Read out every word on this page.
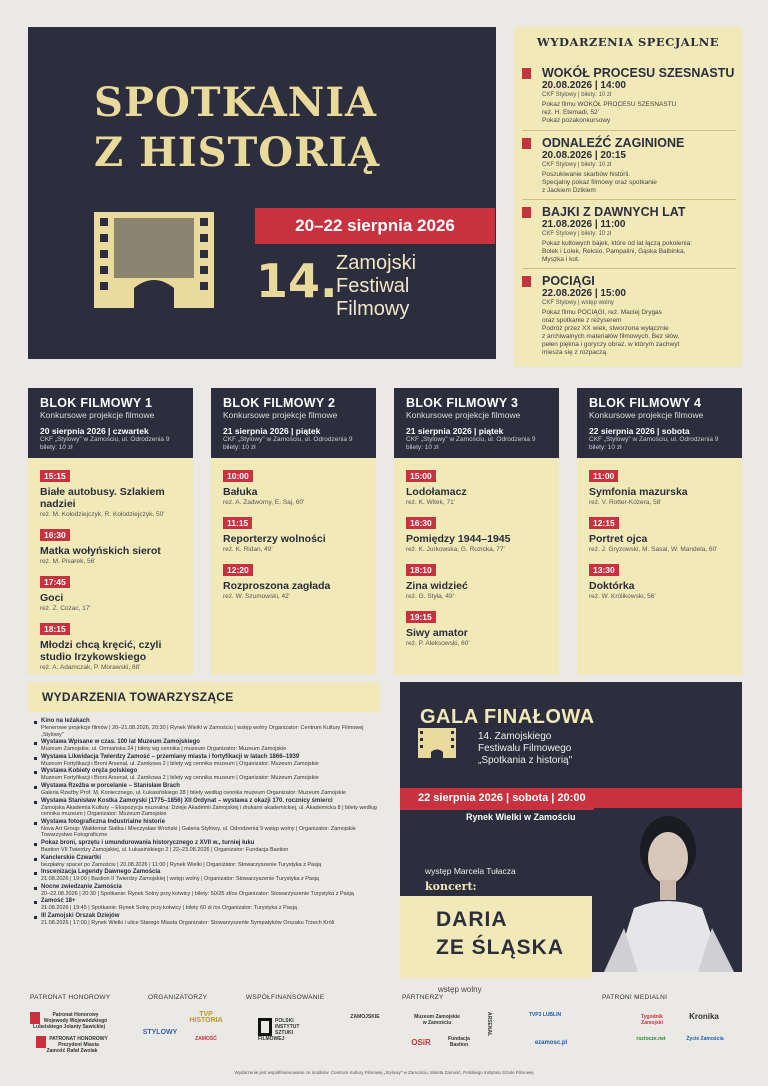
SPOTKANIA
Z HISTORIĄ
20–22 sierpnia 2026
14.
Zamojski
Festiwal
Filmowy
WYDARZENIA SPECJALNE
WOKÓŁ PROCESU SZESNASTU
20.08.2026 | 14:00
CKF Stylowy | bilety: 10 zł
Pokaz filmu WOKÓŁ PROCESU SZESNASTU
reż. H. Etemadi, 52'
Pokaz pozakonkursowy
ODNALEŹĆ ZAGINIONE
20.08.2026 | 20:15
CKF Stylowy | bilety: 10 zł
Poszukiwanie skarbów historii.
Specjalny pokaz filmowy oraz spotkanie
z Jackiem Dzikiem
BAJKI Z DAWNYCH LAT
21.08.2026 | 11:00
CKF Stylowy | bilety: 10 zł
Pokaz kultowych bajek, które od lat łączą pokolenia:
Bolek i Lolek, Reksio, Pampalini, Gąska Balbinka,
Myszka i kot.
POCIĄGI
22.08.2026 | 15:00
CKF Stylowy | wstęp wolny
Pokaz filmu POCIĄGI, reż. Maciej Drygas
oraz spotkanie z reżyserem
Podróż przez XX wiek, stworzona wyłącznie
z archiwalnych materiałów filmowych. Bez słów,
pełen piękna i goryczy obraz, w którym zachwyt
miesza się z rozpaczą.
BLOK FILMOWY 1
Konkursowe projekcje filmowe
20 sierpnia 2026 | czwartek
CKF „Stylowy" w Zamościu, ul. Odrodzenia 9
bilety: 10 zł
15:15
Białe autobusy. Szlakiem nadziei
reż. M. Kołodziejczyk, R. Kołodziejczyk, 50'
16:30
Matka wołyńskich sierot
reż. M. Pisarek, 56'
17:45
Goci
reż. Z. Cozac, 17'
18:15
Młodzi chcą kręcić, czyli studio Irzykowskiego
reż. A. Adamczak, P. Morawski, 88'
BLOK FILMOWY 2
Konkursowe projekcje filmowe
21 sierpnia 2026 | piątek
CKF „Stylowy" w Zamościu, ul. Odrodzenia 9
bilety: 10 zł
10:00
Bałuka
reż. A. Zadworny, E. Saj, 60'
11:15
Reporterzy wolności
reż. K. Ridan, 49'
12:20
Rozproszona zagłada
reż. W. Szumowski, 42'
BLOK FILMOWY 3
Konkursowe projekcje filmowe
21 sierpnia 2026 | piątek
CKF „Stylowy" w Zamościu, ul. Odrodzenia 9
bilety: 10 zł
15:00
Lodołamacz
reż. K. Witek, 71'
16:30
Pomiędzy 1944–1945
reż. K. Jurkowska, G. Ruzicka, 77'
18:10
Zina widzieć
reż. G. Styła, 49'
19:15
Siwy amator
reż. P. Aleksowski, 60'
BLOK FILMOWY 4
Konkursowe projekcje filmowe
22 sierpnia 2026 | sobota
CKF „Stylowy" w Zamościu, ul. Odrodzenia 9
bilety: 10 zł
11:00
Symfonia mazurska
reż. V. Rotter-Kozera, 58'
12:15
Portret ojca
reż. J. Gryzowski, M. Sasal, W. Mandela, 60'
13:30
Doktórka
reż. W. Królikowski, 56'
WYDARZENIA TOWARZYSZĄCE
Kino na leżakach
Plenerowe projekcje filmów | 20–21.08.2026, 20:30 | Rynek Wielki w Zamościu | wstęp wolny Organizator: Centrum Kultury Filmowej „Stylowy"
Wystawa Wpisane w czas. 100 lat Muzeum Zamojskiego
Muzeum Zamojskie, ul. Ormiańska 24 | bilety wg cennika | muzeum Organizator: Muzeum Zamojskie
Wystawa Likwidacja Twierdzy Zamość – przemiany miasta i fortyfikacji w latach 1866–1939
Muzeum Fortyfikacji i Broni Arsenał, ul. Zamkowa 2 | bilety wg cennika muzeum | Organizator: Muzeum Zamojskie
Wystawa Kobiety oręża polskiego
Muzeum Fortyfikacji i Broni Arsenał, ul. Zamkowa 2 | bilety wg cennika muzeum | Organizator: Muzeum Zamojskie
Wystawa Rzeźba w porcelanie – Stanisław Brach
Galeria Rzeźby Prof. M. Koniecznego, ul. Łukasińskiego 28 | bilety według cennika muzeum Organizator: Muzeum Zamojskie
Wystawa Stanisław Kostka Zamoyski (1775–1856) XII Ordynat – wystawa z okazji 170. rocznicy śmierci
Zamojska Akademia Kultury – Ekspozycja muzealna: Dzieje Akademii Zamojskiej i drukarni akademickiej, ul. Akademicka 8 | bilety według cennika muzeum | Organizator: Muzeum Zamojskie
Wystawa fotograficzna Industrialne historie
Nova Art Group: Waldemar Siatka i Mieczysław Wroński | Galeria Stylowy, ul. Odrodzenia 9 wstęp wolny | Organizator: Zamojskie Towarzystwo Fotograficzne
Pokaz broni, sprzętu i umundurowania historycznego z XVII w., turniej łuku
Bastion VII Twierdzy Zamojskiej, ul. Łukasińskiego 2 | 22–23.08.2026 | Organizator: Fundacja Bastion
Kanclerskie Czwartki
bezpłatny spacer po Zamościu | 20.08.2026 | 11:00 | Rynek Wielki | Organizator: Stowarzyszenie Turystyka z Pasją
Inscenizacja Legendy Dawnego Zamościa
21.08.2026 | 19:00 | Bastion II Twierdzy Zamojskiej | wstęp wolny | Organizator: Stowarzyszenie Turystyka z Pasją
Nocne zwiedzanie Zamościa
20–22.08.2026 | 20:30 | Spotkanie: Rynek Solny przy kotwicy | bilety: 50/25 zł/os Organizator: Stowarzyszenie Turystyka z Pasją
Zamość 18+
21.08.2026 | 19:45 | Spotkanie: Rynek Solny przy kotwicy | bilety 60 zł /os Organizator: Turystyka z Pasją
III Zamojski Orszak Dziejów
21.08.2026 | 17:00 | Rynek Wielki i ulice Starego Miasta Organizator: Stowarzyszenie Sympatyków Orszaku Trzech Króli
GALA FINAŁOWA
14. Zamojskiego
Festiwalu Filmowego
„Spotkania z historią"
22 sierpnia 2026 | sobota | 20:00
Rynek Wielki w Zamościu
występ Marcela Tułacza
koncert:
DARIA
ZE ŚLĄSKA
wstęp wolny
PATRONAT HONOROWY	ORGANIZATORZY	WSPÓŁFINANSOWANIE	PARTNERZY	PATRONI MEDIALNI
Patronat Honorowy Wojewody Wojewódzkiego Lubelskiego Jolanty Sawickiej
PATRONAT HONOROWY Prezydent Miasta Zamość Rafał Zwolak
STYLOWY
TVP HISTORIA
ZAMOŚĆ
POLSKI INSTYTUT SZTUKI FILMOWEJ
ZAMOJSKIE	Muzeum Zamojskie w Zamościu	ARSENAŁ
OSiR	Fundacja Bastion
TVP3 LUBLIN
ezamosc.pl
Kronika
Tygodnik Zamojski
roztocze.net	Życie Zamościa
Wydarzenie jest współfinansowane ze środków: Centrum Kultury Filmowej „Stylowy" w Zamościu, Miasta Zamość, Polskiego Instytutu Sztuki Filmowej
